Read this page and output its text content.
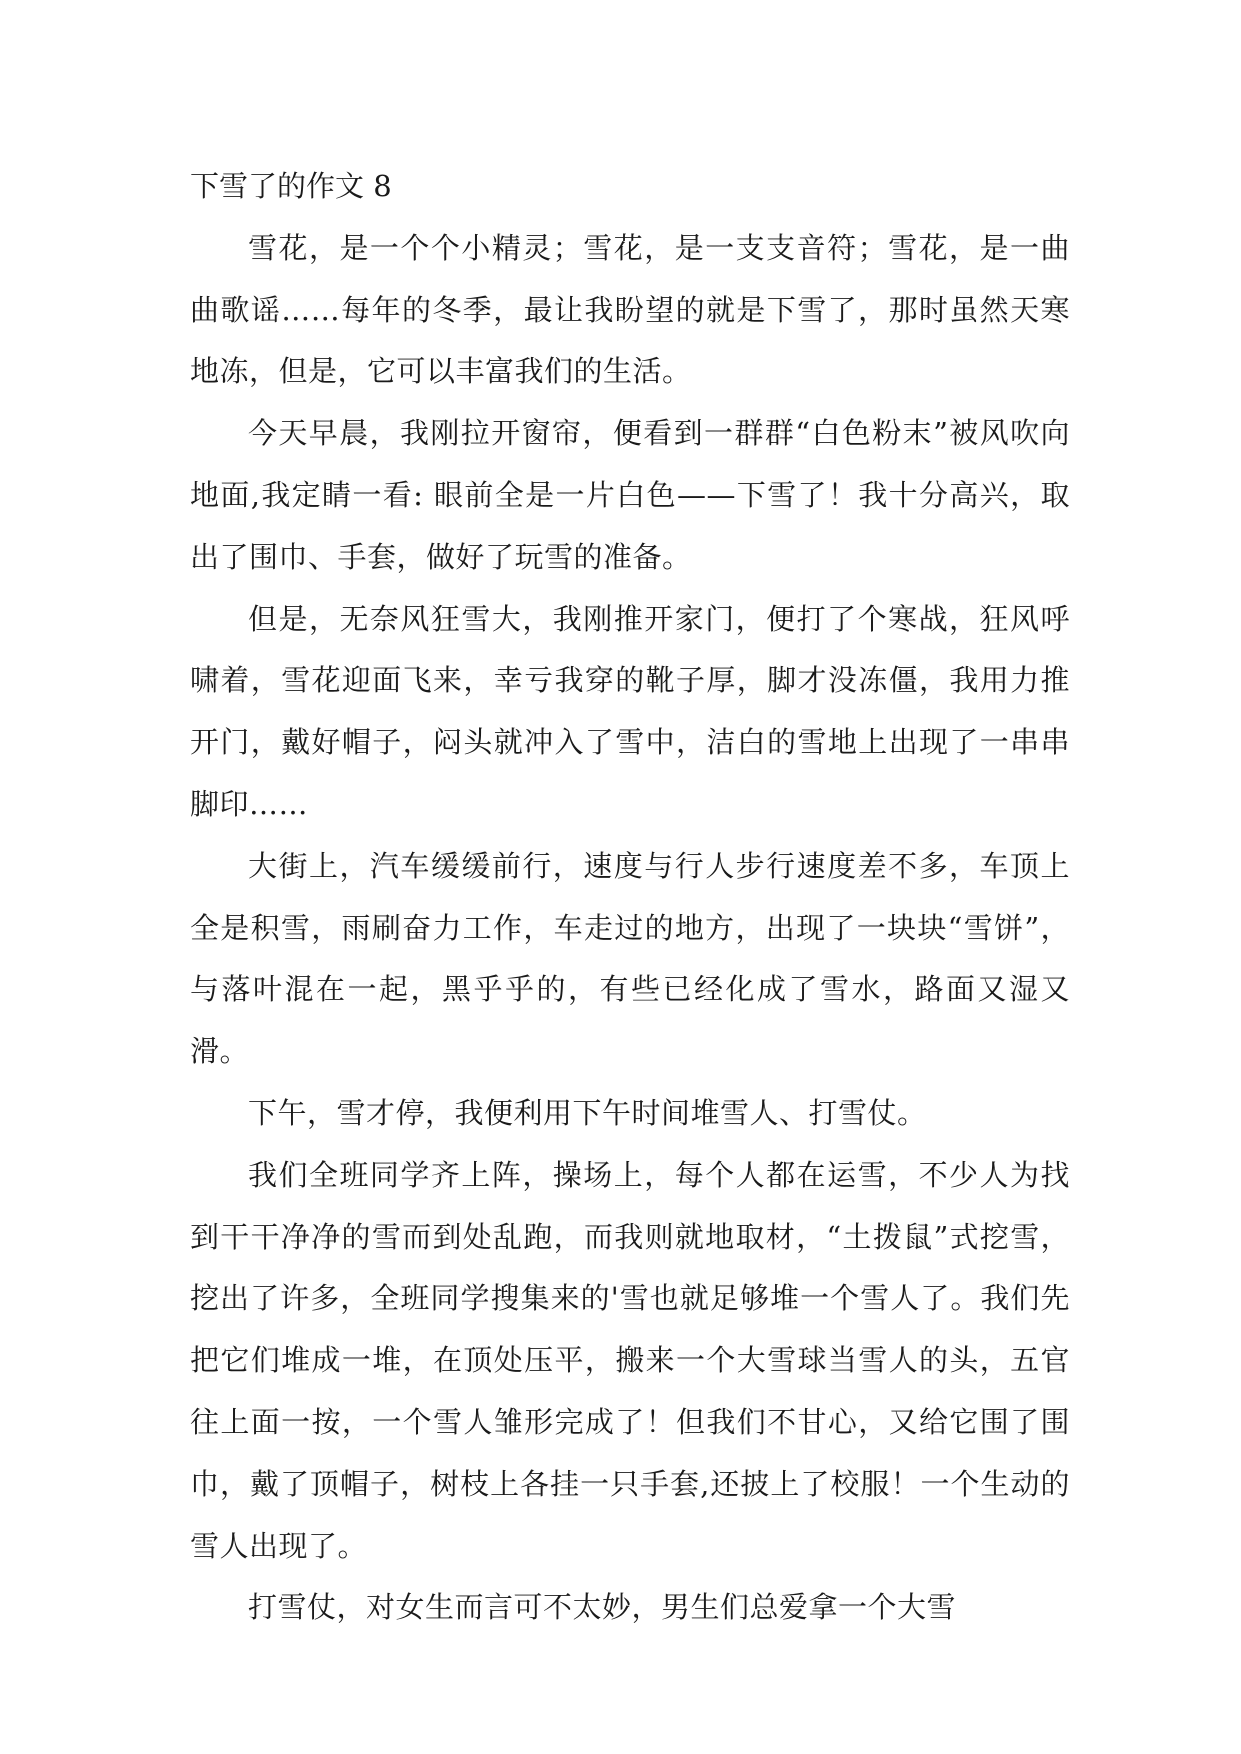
下雪了的作文 8

雪花，是一个个小精灵；雪花，是一支支音符；雪花，是一曲曲歌谣……每年的冬季，最让我盼望的就是下雪了，那时虽然天寒地冻，但是，它可以丰富我们的生活。

今天早晨，我刚拉开窗帘，便看到一群群“白色粉末”被风吹向地面,我定睛一看: 眼前全是一片白色——下雪了！我十分高兴，取出了围巾、手套，做好了玩雪的准备。

但是，无奈风狂雪大，我刚推开家门，便打了个寒战，狂风呼啸着，雪花迎面飞来，幸亏我穿的靴子厚，脚才没冻僵，我用力推开门，戴好帽子，闷头就冲入了雪中，洁白的雪地上出现了一串串脚印……

大街上，汽车缓缓前行，速度与行人步行速度差不多，车顶上全是积雪，雨刷奋力工作，车走过的地方，出现了一块块“雪饼”，与落叶混在一起，黑乎乎的，有些已经化成了雪水，路面又湿又滑。

下午，雪才停，我便利用下午时间堆雪人、打雪仗。

我们全班同学齐上阵，操场上，每个人都在运雪，不少人为找到干干净净的雪而到处乱跑，而我则就地取材，“土拨鼠”式挖雪，挖出了许多，全班同学搜集来的'雪也就足够堆一个雪人了。我们先把它们堆成一堆，在顶处压平，搬来一个大雪球当雪人的头，五官往上面一按，一个雪人雏形完成了！但我们不甘心，又给它围了围巾，戴了顶帽子，树枝上各挂一只手套,还披上了校服！一个生动的雪人出现了。

打雪仗，对女生而言可不太妙，男生们总爱拿一个大雪
